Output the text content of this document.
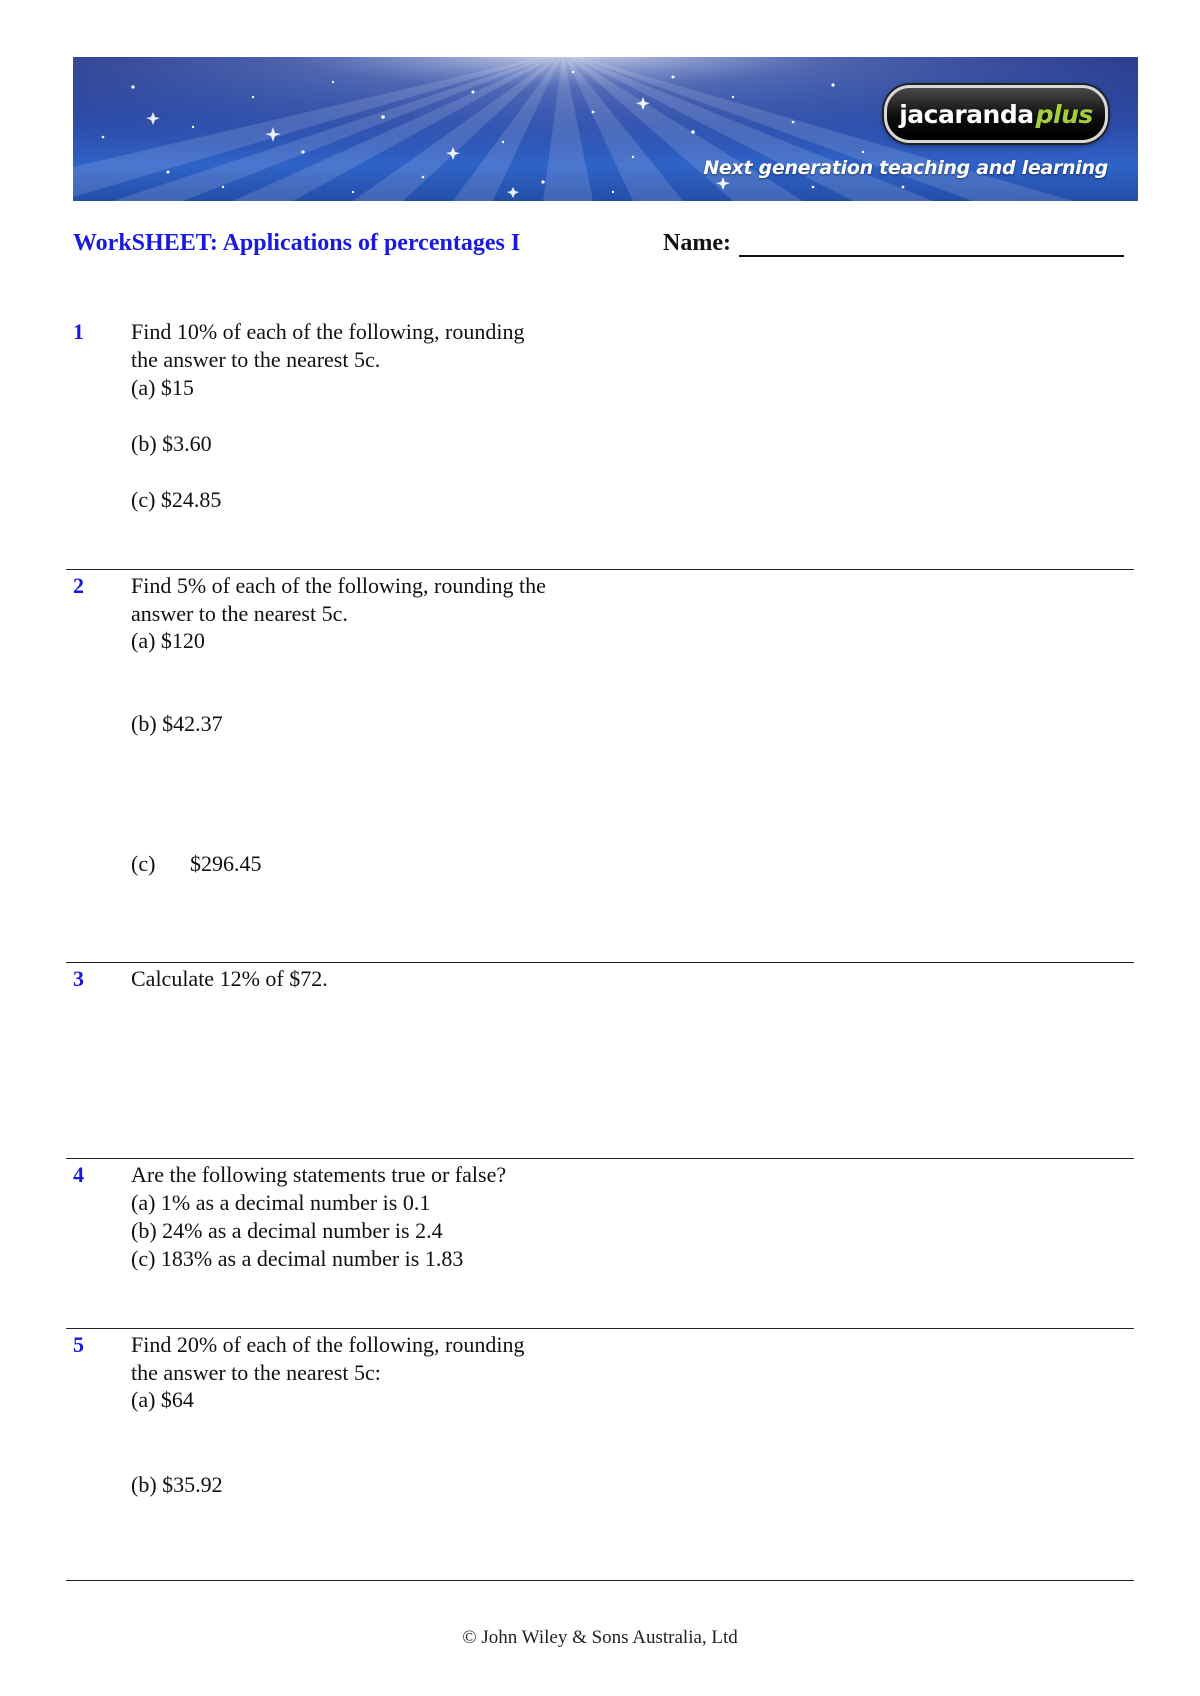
jacaranda plus
Next generation teaching and learning
WorkSHEET: Applications of percentages I	Name:
1 Find 10% of each of the following, rounding
the answer to the nearest 5c.
(a) $15
(b) $3.60
(c) $24.85
2 Find 5% of each of the following, rounding the
answer to the nearest 5c.
(a) $120
(b) $42.37
(c) $296.45
3 Calculate 12% of $72.
4 Are the following statements true or false?
(a) 1% as a decimal number is 0.1
(b) 24% as a decimal number is 2.4
(c) 183% as a decimal number is 1.83
5 Find 20% of each of the following, rounding
the answer to the nearest 5c:
(a) $64
(b) $35.92
© John Wiley & Sons Australia, Ltd
